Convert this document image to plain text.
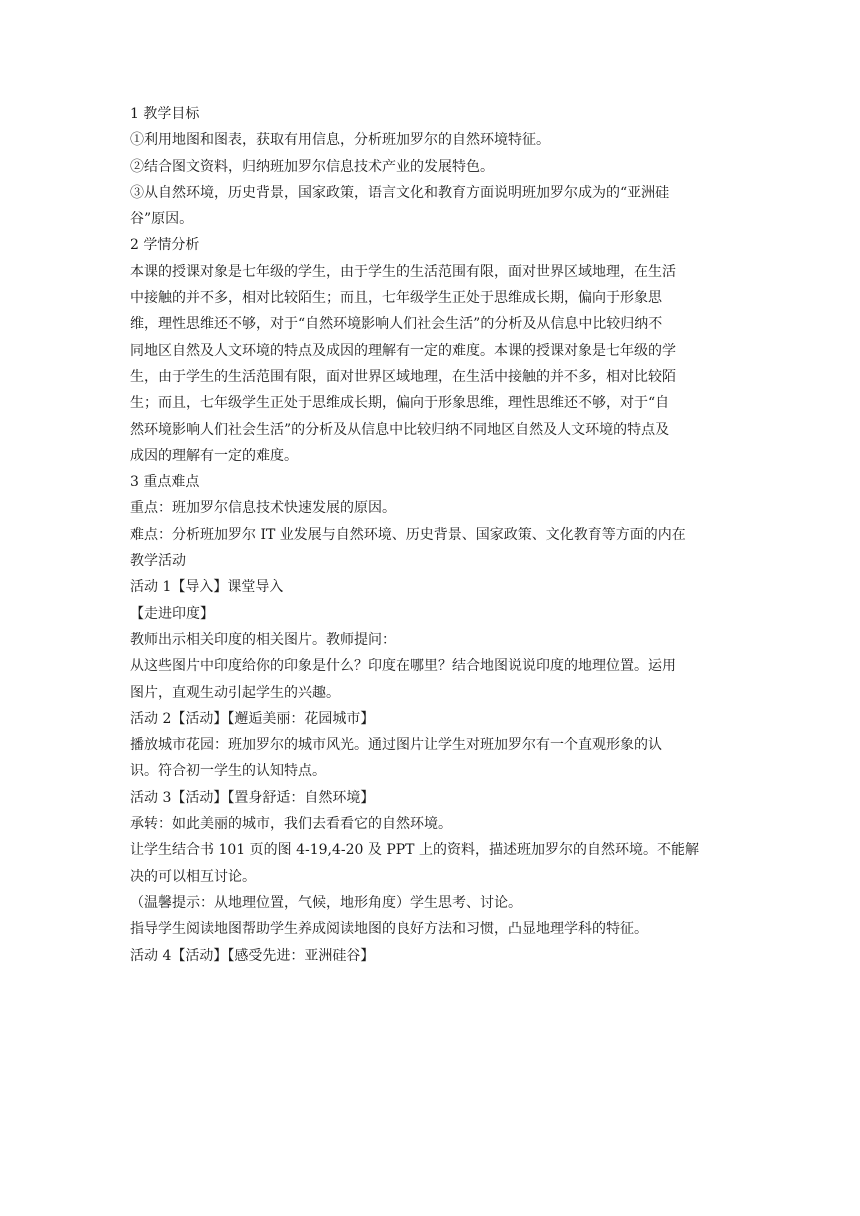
1 教学目标
①利用地图和图表，获取有用信息，分析班加罗尔的自然环境特征。
②结合图文资料，归纳班加罗尔信息技术产业的发展特色。
③从自然环境，历史背景，国家政策，语言文化和教育方面说明班加罗尔成为的“亚洲硅
谷”原因。
2 学情分析
本课的授课对象是七年级的学生，由于学生的生活范围有限，面对世界区域地理，在生活
中接触的并不多，相对比较陌生；而且，七年级学生正处于思维成长期，偏向于形象思
维，理性思维还不够，对于“自然环境影响人们社会生活”的分析及从信息中比较归纳不
同地区自然及人文环境的特点及成因的理解有一定的难度。本课的授课对象是七年级的学
生，由于学生的生活范围有限，面对世界区域地理，在生活中接触的并不多，相对比较陌
生；而且，七年级学生正处于思维成长期，偏向于形象思维，理性思维还不够，对于“自
然环境影响人们社会生活”的分析及从信息中比较归纳不同地区自然及人文环境的特点及
成因的理解有一定的难度。
3 重点难点
重点：班加罗尔信息技术快速发展的原因。
难点：分析班加罗尔 IT 业发展与自然环境、历史背景、国家政策、文化教育等方面的内在
教学活动
活动 1【导入】课堂导入
【走进印度】
教师出示相关印度的相关图片。教师提问：
从这些图片中印度给你的印象是什么？印度在哪里？结合地图说说印度的地理位置。运用
图片，直观生动引起学生的兴趣。
活动 2【活动】【邂逅美丽：花园城市】
播放城市花园：班加罗尔的城市风光。通过图片让学生对班加罗尔有一个直观形象的认
识。符合初一学生的认知特点。
活动 3【活动】【置身舒适：自然环境】
承转：如此美丽的城市，我们去看看它的自然环境。
让学生结合书 101 页的图 4-19,4-20 及 PPT 上的资料，描述班加罗尔的自然环境。不能解
决的可以相互讨论。
（温馨提示：从地理位置，气候，地形角度）学生思考、讨论。
指导学生阅读地图帮助学生养成阅读地图的良好方法和习惯，凸显地理学科的特征。
活动 4【活动】【感受先进：亚洲硅谷】
